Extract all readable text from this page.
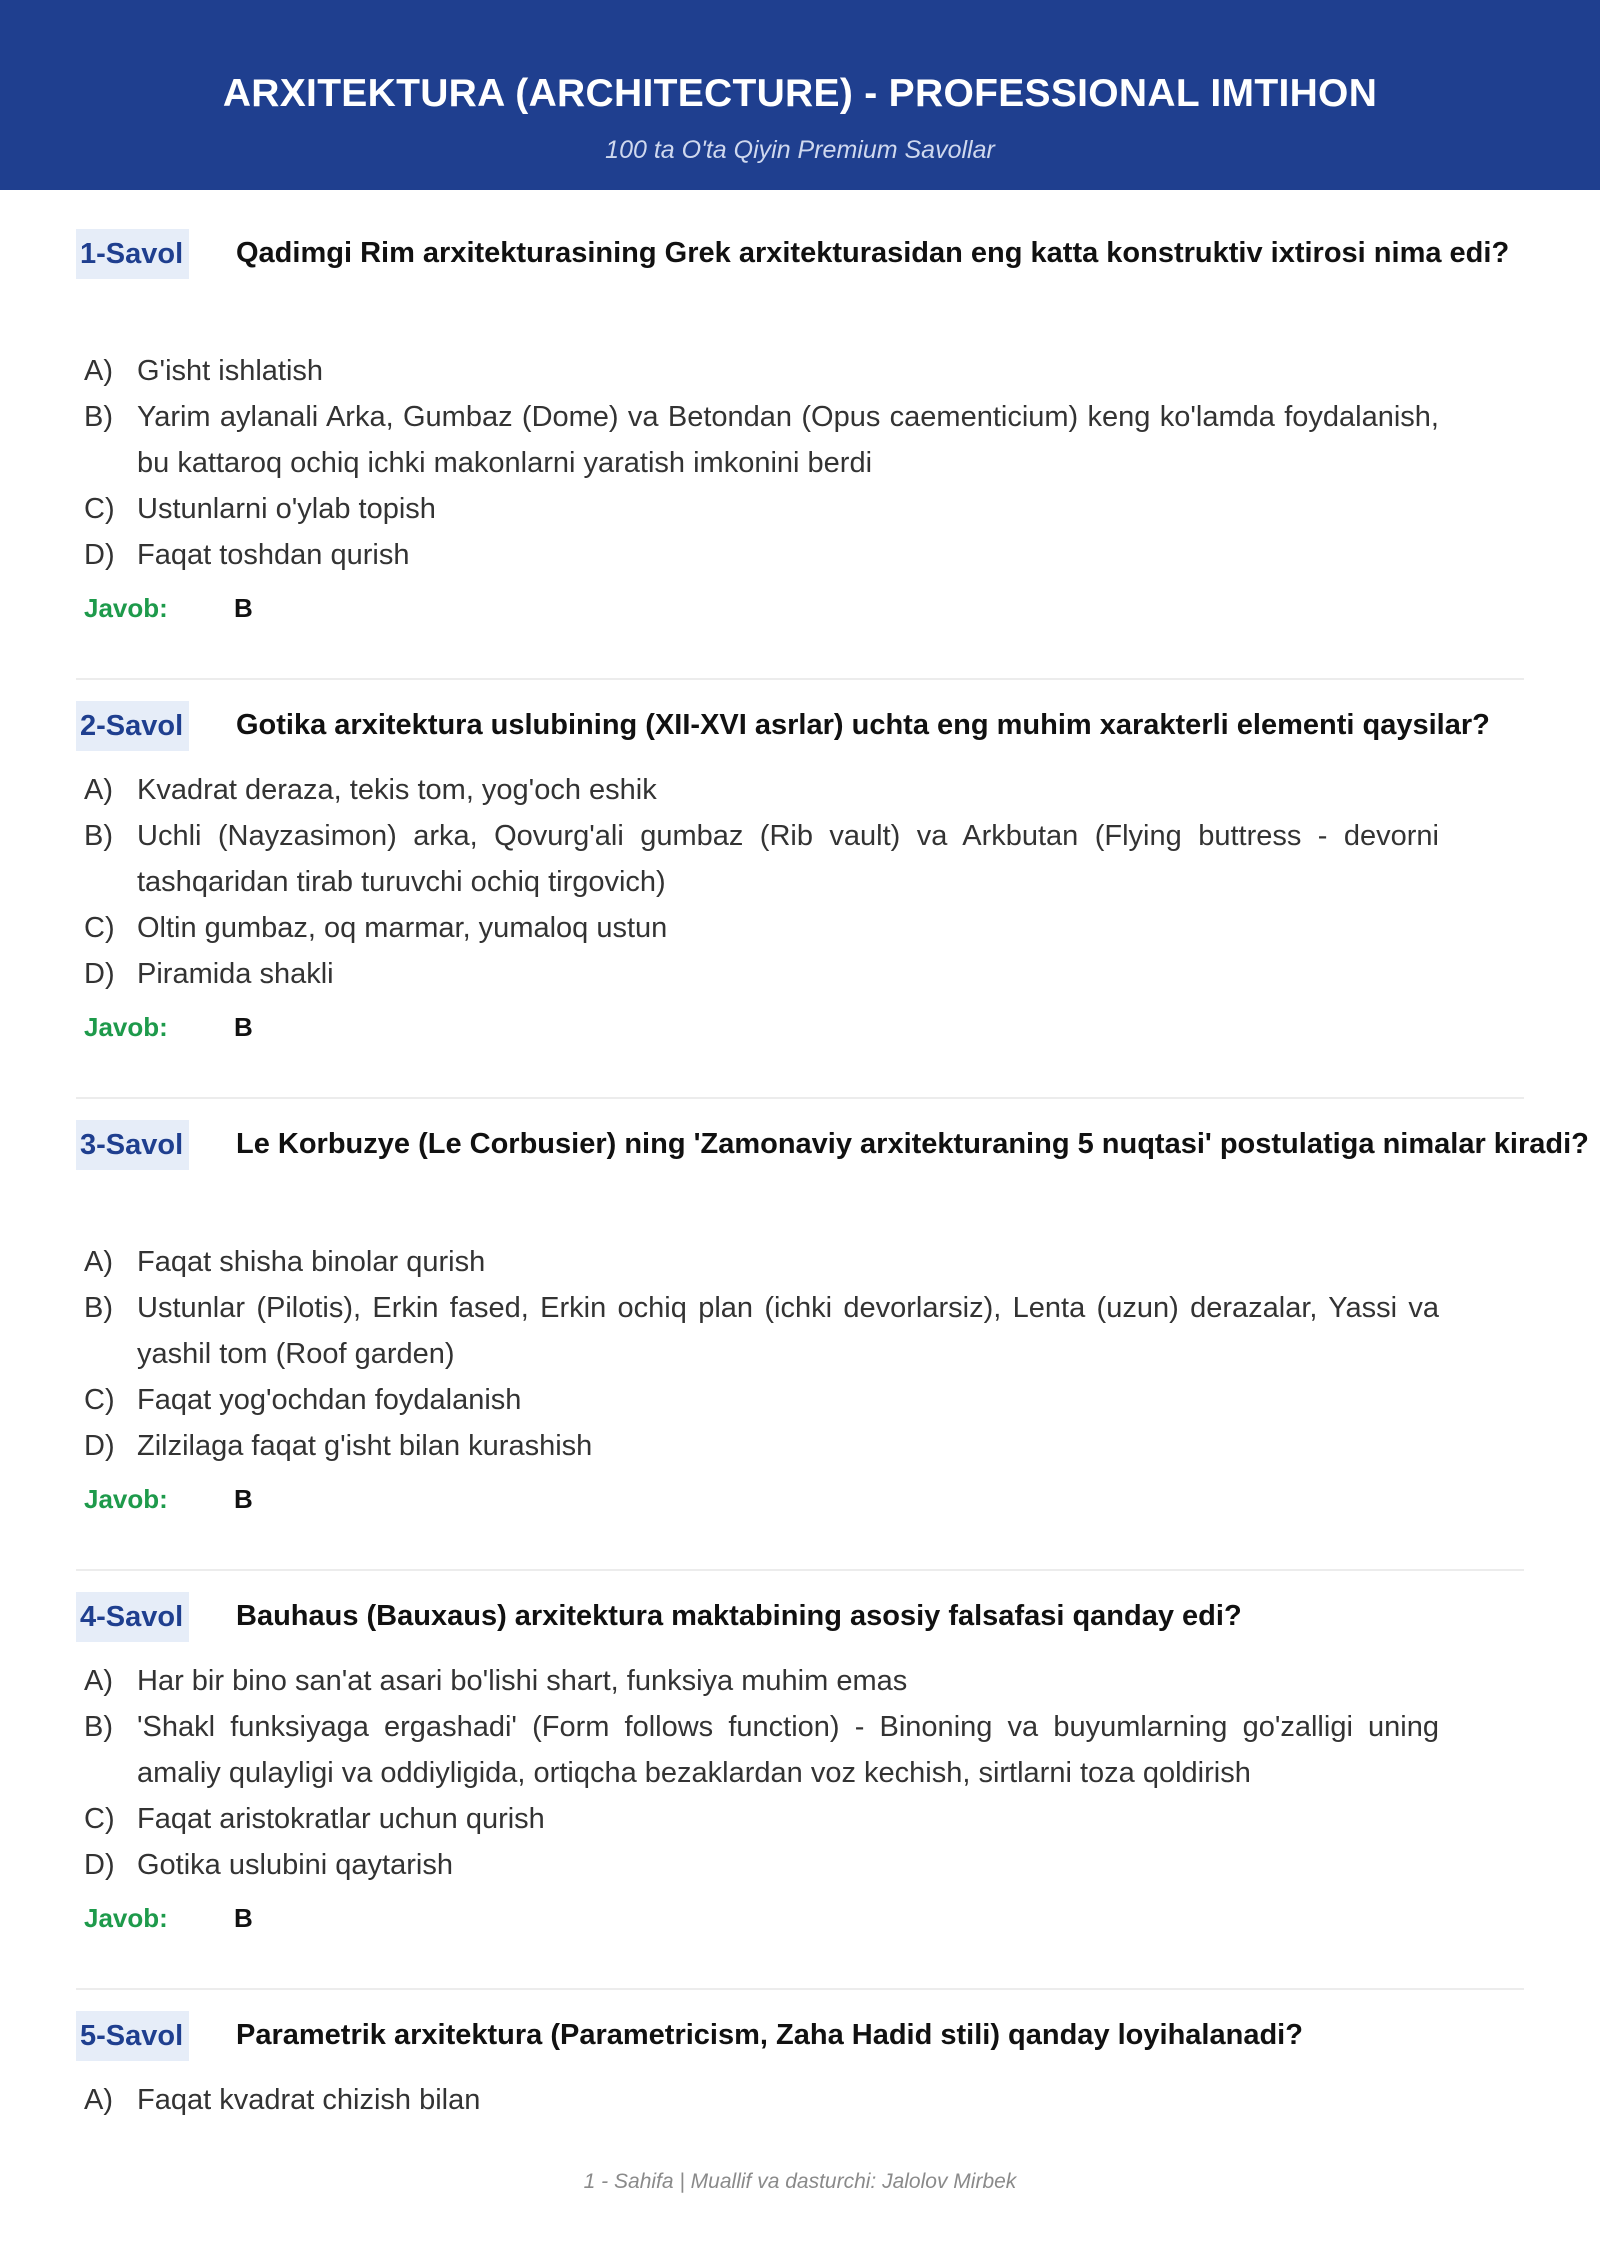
ARXITEKTURA (ARCHITECTURE) - PROFESSIONAL IMTIHON
100 ta O'ta Qiyin Premium Savollar
1-Savol Qadimgi Rim arxitekturasining Grek arxitekturasidan eng katta konstruktiv ixtirosi nima edi?
A) G'isht ishlatish
B) Yarim aylanali Arka, Gumbaz (Dome) va Betondan (Opus caementicium) keng ko'lamda foydalanish, bu kattaroq ochiq ichki makonlarni yaratish imkonini berdi
C) Ustunlarni o'ylab topish
D) Faqat toshdan qurish
Javob:	B
2-Savol Gotika arxitektura uslubining (XII-XVI asrlar) uchta eng muhim xarakterli elementi qaysilar?
A) Kvadrat deraza, tekis tom, yog'och eshik
B) Uchli (Nayzasimon) arka, Qovurg'ali gumbaz (Rib vault) va Arkbutan (Flying buttress - devorni tashqaridan tirab turuvchi ochiq tirgovich)
C) Oltin gumbaz, oq marmar, yumaloq ustun
D) Piramida shakli
Javob:	B
3-Savol Le Korbuzye (Le Corbusier) ning 'Zamonaviy arxitekturaning 5 nuqtasi' postulatiga nimalar kiradi?
A) Faqat shisha binolar qurish
B) Ustunlar (Pilotis), Erkin fased, Erkin ochiq plan (ichki devorlarsiz), Lenta (uzun) derazalar, Yassi va yashil tom (Roof garden)
C) Faqat yog'ochdan foydalanish
D) Zilzilaga faqat g'isht bilan kurashish
Javob:	B
4-Savol Bauhaus (Bauxaus) arxitektura maktabining asosiy falsafasi qanday edi?
A) Har bir bino san'at asari bo'lishi shart, funksiya muhim emas
B) 'Shakl funksiyaga ergashadi' (Form follows function) - Binoning va buyumlarning go'zalligi uning amaliy qulayligi va oddiyligida, ortiqcha bezaklardan voz kechish, sirtlarni toza qoldirish
C) Faqat aristokratlar uchun qurish
D) Gotika uslubini qaytarish
Javob:	B
5-Savol Parametrik arxitektura (Parametricism, Zaha Hadid stili) qanday loyihalanadi?
A) Faqat kvadrat chizish bilan
1 - Sahifa | Muallif va dasturchi: Jalolov Mirbek
